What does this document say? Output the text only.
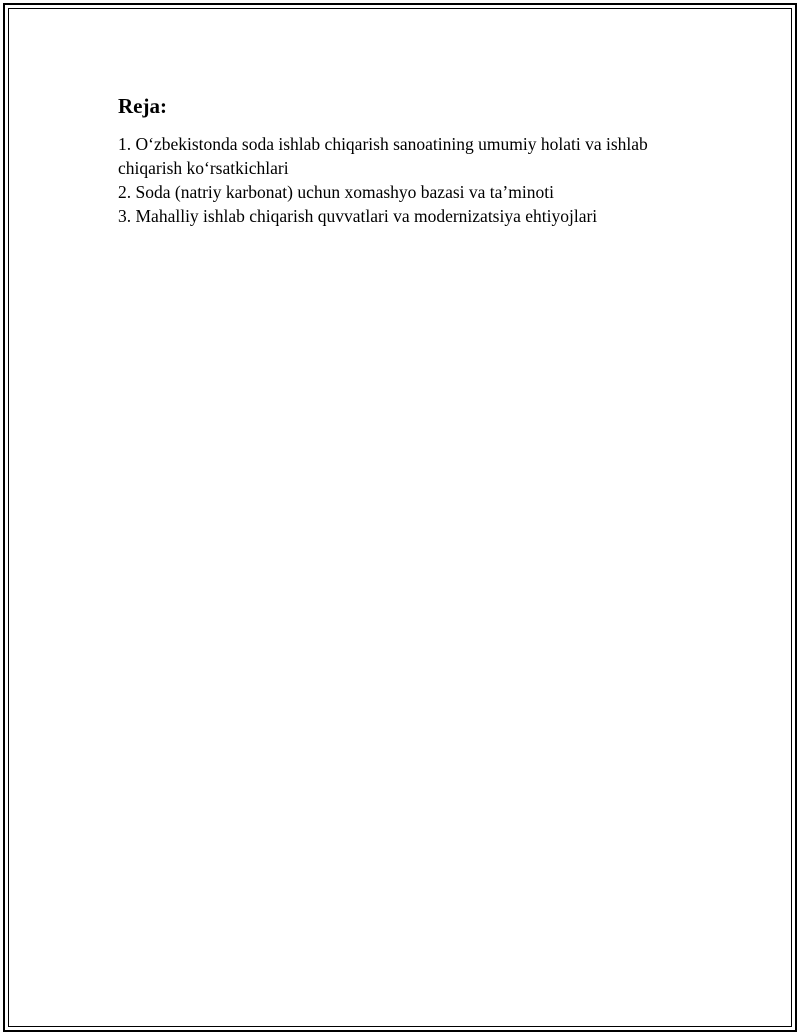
Reja:
1. O‘zbekistonda soda ishlab chiqarish sanoatining umumiy holati va ishlab chiqarish ko‘rsatkichlari
2. Soda (natriy karbonat) uchun xomashyo bazasi va ta’minoti
3. Mahalliy ishlab chiqarish quvvatlari va modernizatsiya ehtiyojlari
